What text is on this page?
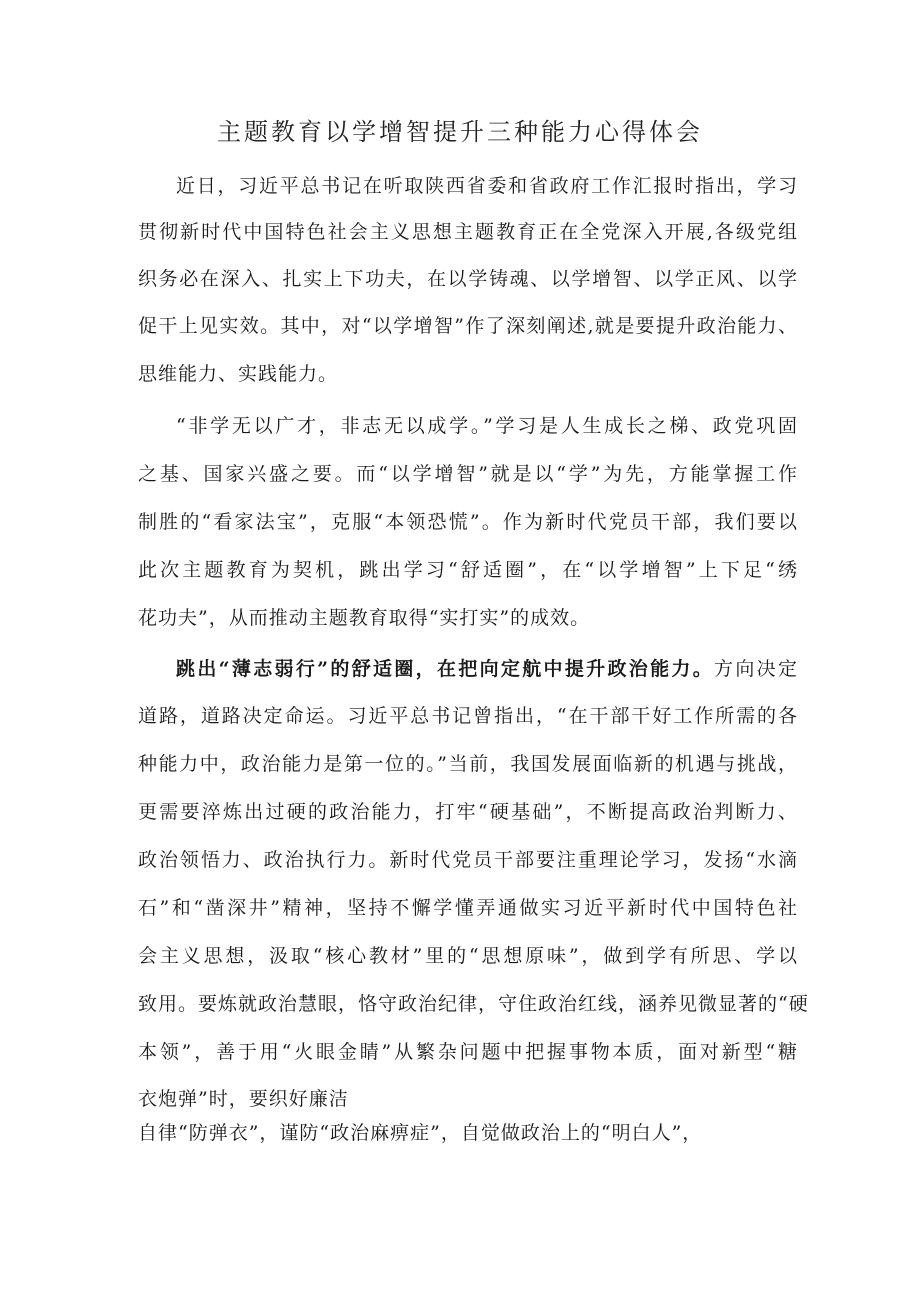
主题教育以学增智提升三种能力心得体会
近日，习近平总书记在听取陕西省委和省政府工作汇报时指出，学习
贯彻新时代中国特色社会主义思想主题教育正在全党深入开展,各级党组
织务必在深入、扎实上下功夫，在以学铸魂、以学增智、以学正风、以学
促干上见实效。其中，对“以学增智”作了深刻阐述,就是要提升政治能力、
思维能力、实践能力。
“非学无以广才，非志无以成学。”学习是人生成长之梯、政党巩固
之基、国家兴盛之要。而“以学增智”就是以“学”为先，方能掌握工作
制胜的“看家法宝”，克服“本领恐慌”。作为新时代党员干部，我们要以
此次主题教育为契机，跳出学习“舒适圈”，在“以学增智”上下足“绣
花功夫”，从而推动主题教育取得“实打实”的成效。
跳出“薄志弱行”的舒适圈，在把向定航中提升政治能力。方向决定
道路，道路决定命运。习近平总书记曾指出，“在干部干好工作所需的各
种能力中，政治能力是第一位的。”当前，我国发展面临新的机遇与挑战，
更需要淬炼出过硬的政治能力，打牢“硬基础”，不断提高政治判断力、
政治领悟力、政治执行力。新时代党员干部要注重理论学习，发扬“水滴
石”和“凿深井”精神，坚持不懈学懂弄通做实习近平新时代中国特色社
会主义思想，汲取“核心教材”里的“思想原味”，做到学有所思、学以
致用。要炼就政治慧眼，恪守政治纪律，守住政治红线，涵养见微显著的“硬
本领”，善于用“火眼金睛”从繁杂问题中把握事物本质，面对新型“糖
衣炮弹”时，要织好廉洁
自律“防弹衣”，谨防“政治麻痹症”，自觉做政治上的“明白人”，
